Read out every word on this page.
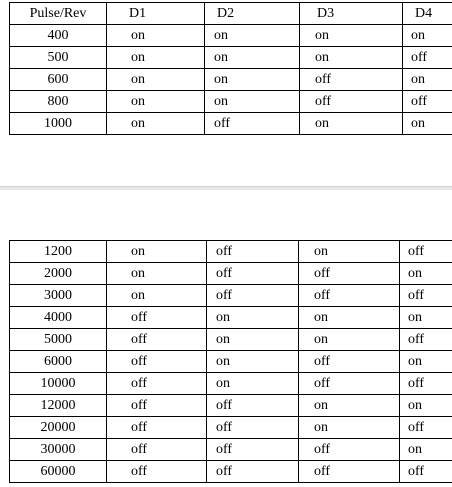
Pulse/Rev	D1	D2	D3	D4
400	on	on	on	on
500	on	on	on	off
600	on	on	off	on
800	on	on	off	off
1000	on	off	on	on
1200	on	off	on	off
2000	on	off	off	on
3000	on	off	off	off
4000	off	on	on	on
5000	off	on	on	off
6000	off	on	off	on
10000	off	on	off	off
12000	off	off	on	on
20000	off	off	on	off
30000	off	off	off	on
60000	off	off	off	off
